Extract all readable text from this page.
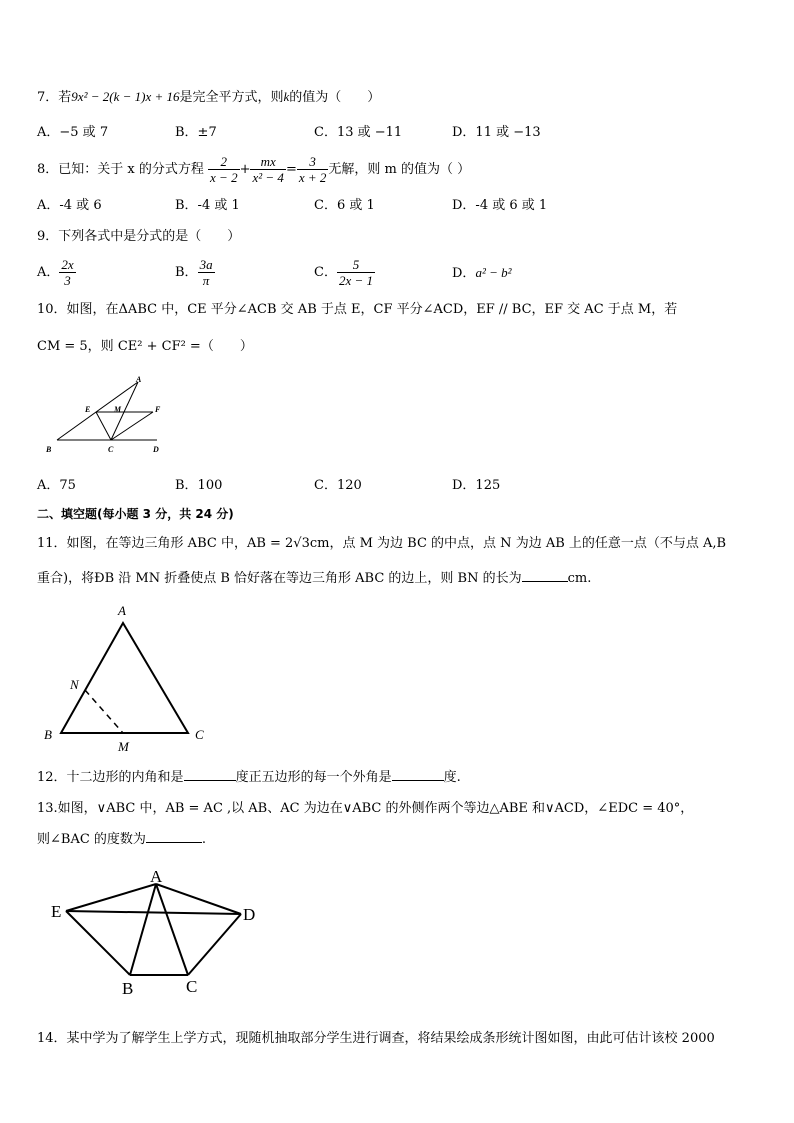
7．若9x² − 2(k − 1)x + 16是完全平方式，则k的值为（　　）
A．−5 或 7	B．±7	C．13 或 −11	D．11 或 −13
8．已知：关于 x 的分式方程 $\frac{2}{x - 2} + \frac{mx}{\text{x² − 4}} = \frac{3}{x + 2}$ 无解，则 m 的值为（ ）
A．-4 或 6	B．-4 或 1	C．6 或 1	D．-4 或 6 或 1
9．下列各式中是分式的是（　　）
A． $\frac{2x}{3}$	B． $\frac{3a}{\pi}$	C． $\frac{5}{2x - 1}$	D．a² − b²
10．如图，在ΔABC 中，CE 平分∠ACB 交 AB 于点 E，CF 平分∠ACD，EF // BC，EF 交 AC 于点 M，若
CM = 5，则 CE² + CF² =（　　）
A
E	M	F
B	C	D
A．75	B．100	C．120	D．125
二、填空题(每小题 3 分，共 24 分)
11．如图，在等边三角形 ABC 中，AB = 2√3cm，点 M 为边 BC 的中点，点 N 为边 AB 上的任意一点（不与点 A,B
重合)，将ÐB 沿 MN 折叠使点 B 恰好落在等边三角形 ABC 的边上，则 BN 的长为	cm.
A
N
B
M
C
12．十二边形的内角和是	度正五边形的每一个外角是	度.
13.如图，∨ABC 中，AB = AC ,以 AB、AC 为边在∨ABC 的外侧作两个等边△ABE 和∨ACD，∠EDC = 40°，
则∠BAC 的度数为	.
A
E	D
B	C
14．某中学为了解学生上学方式，现随机抽取部分学生进行调查，将结果绘成条形统计图如图，由此可估计该校 2000
